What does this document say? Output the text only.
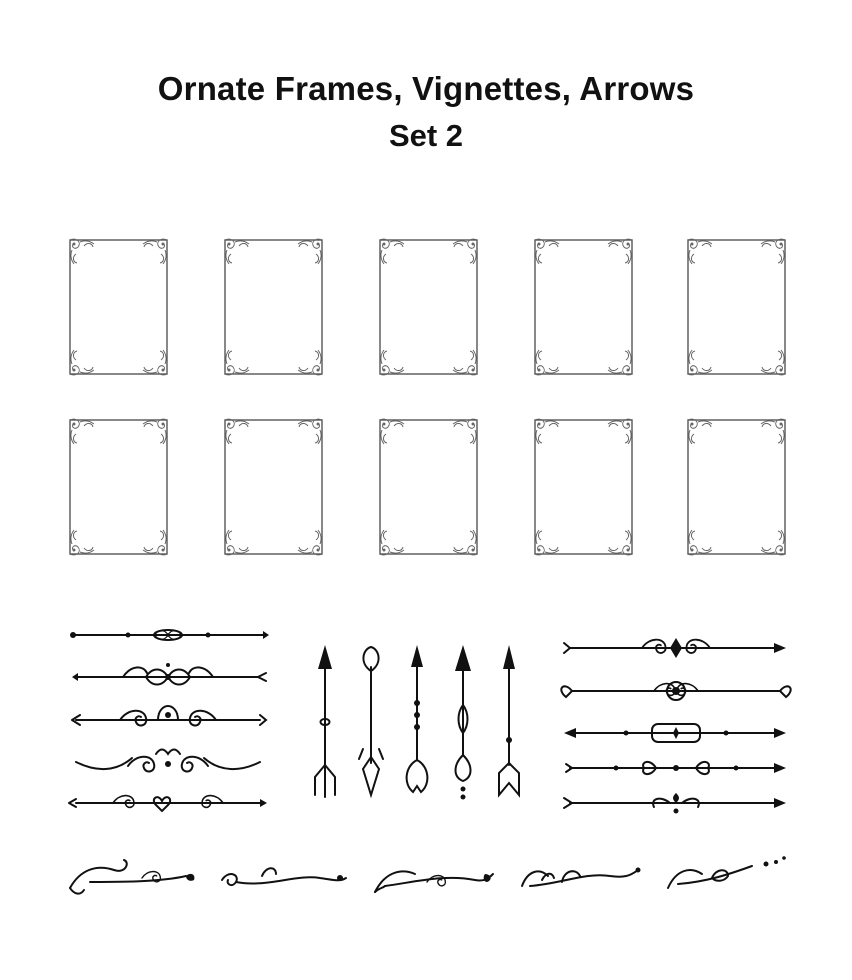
Ornate Frames, Vignettes, Arrows
Set 2
